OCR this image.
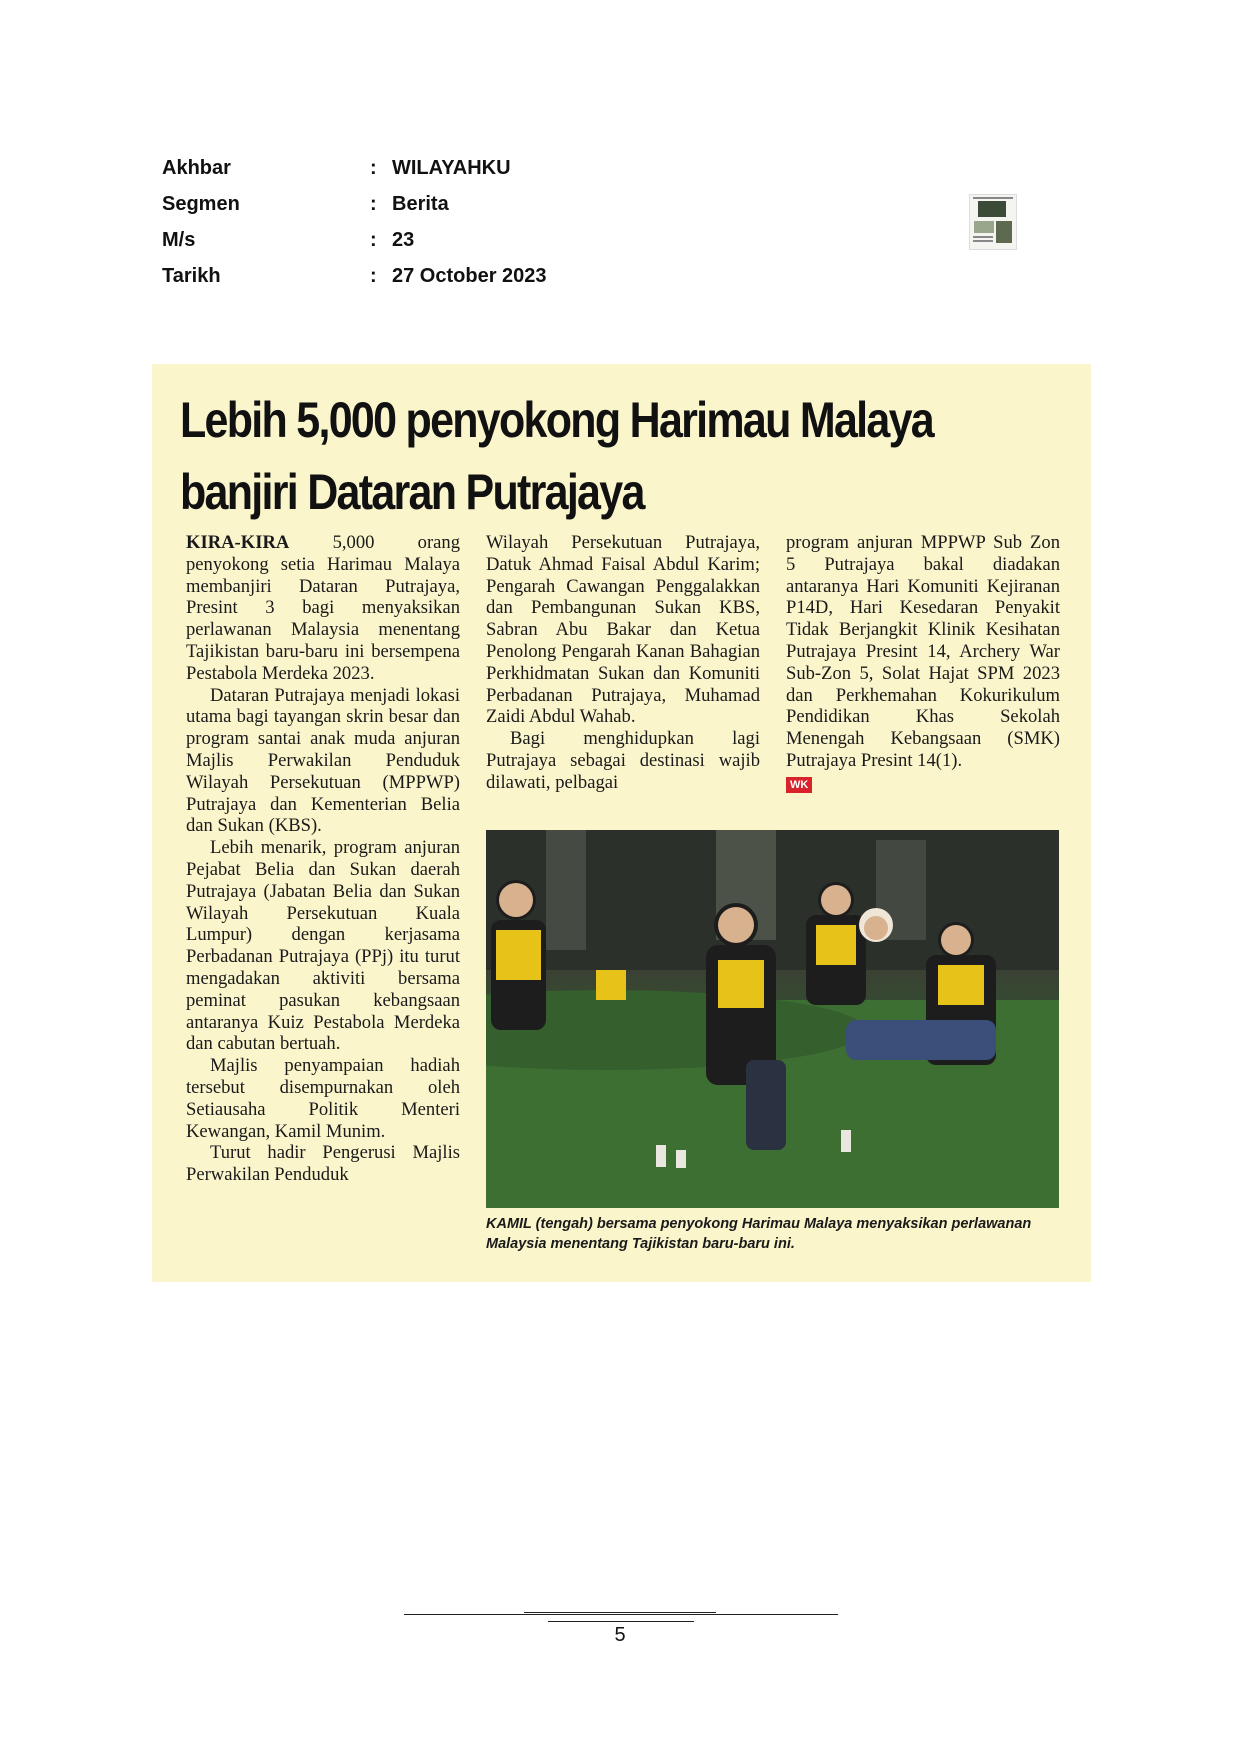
Akhbar	: WILAYAHKU
Segmen	: Berita
M/s	: 23
Tarikh	: 27 October 2023
Lebih 5,000 penyokong Harimau Malaya banjiri Dataran Putrajaya

KIRA-KIRA 5,000 orang penyokong setia Harimau Malaya membanjiri Dataran Putrajaya, Presint 3 bagi menyaksikan perlawanan Malaysia menentang Tajikistan baru-baru ini bersempena Pestabola Merdeka 2023.

Dataran Putrajaya menjadi lokasi utama bagi tayangan skrin besar dan program santai anak muda anjuran Majlis Perwakilan Penduduk Wilayah Persekutuan (MPPWP) Putrajaya dan Kementerian Belia dan Sukan (KBS).

Lebih menarik, program anjuran Pejabat Belia dan Sukan daerah Putrajaya (Jabatan Belia dan Sukan Wilayah Persekutuan Kuala Lumpur) dengan kerjasama Perbadanan Putrajaya (PPj) itu turut mengadakan aktiviti bersama peminat pasukan kebangsaan antaranya Kuiz Pestabola Merdeka dan cabutan bertuah.

Majlis penyampaian hadiah tersebut disempurnakan oleh Setiausaha Politik Menteri Kewangan, Kamil Munim.

Turut hadir Pengerusi Majlis Perwakilan Penduduk

Wilayah Persekutuan Putrajaya, Datuk Ahmad Faisal Abdul Karim; Pengarah Cawangan Penggalakkan dan Pembangunan Sukan KBS, Sabran Abu Bakar dan Ketua Penolong Pengarah Kanan Bahagian Perkhidmatan Sukan dan Komuniti Perbadanan Putrajaya, Muhamad Zaidi Abdul Wahab.

Bagi menghidupkan lagi Putrajaya sebagai destinasi wajib dilawati, pelbagai

program anjuran MPPWP Sub Zon 5 Putrajaya bakal diadakan antaranya Hari Komuniti Kejiranan P14D, Hari Kesedaran Penyakit Tidak Berjangkit Klinik Kesihatan Putrajaya Presint 14, Archery War Sub-Zon 5, Solat Hajat SPM 2023 dan Perkhemahan Kokurikulum Pendidikan Khas Sekolah Menengah Kebangsaan (SMK) Putrajaya Presint 14(1).

WK

KAMIL (tengah) bersama penyokong Harimau Malaya menyaksikan perlawanan Malaysia menentang Tajikistan baru-baru ini.
5
